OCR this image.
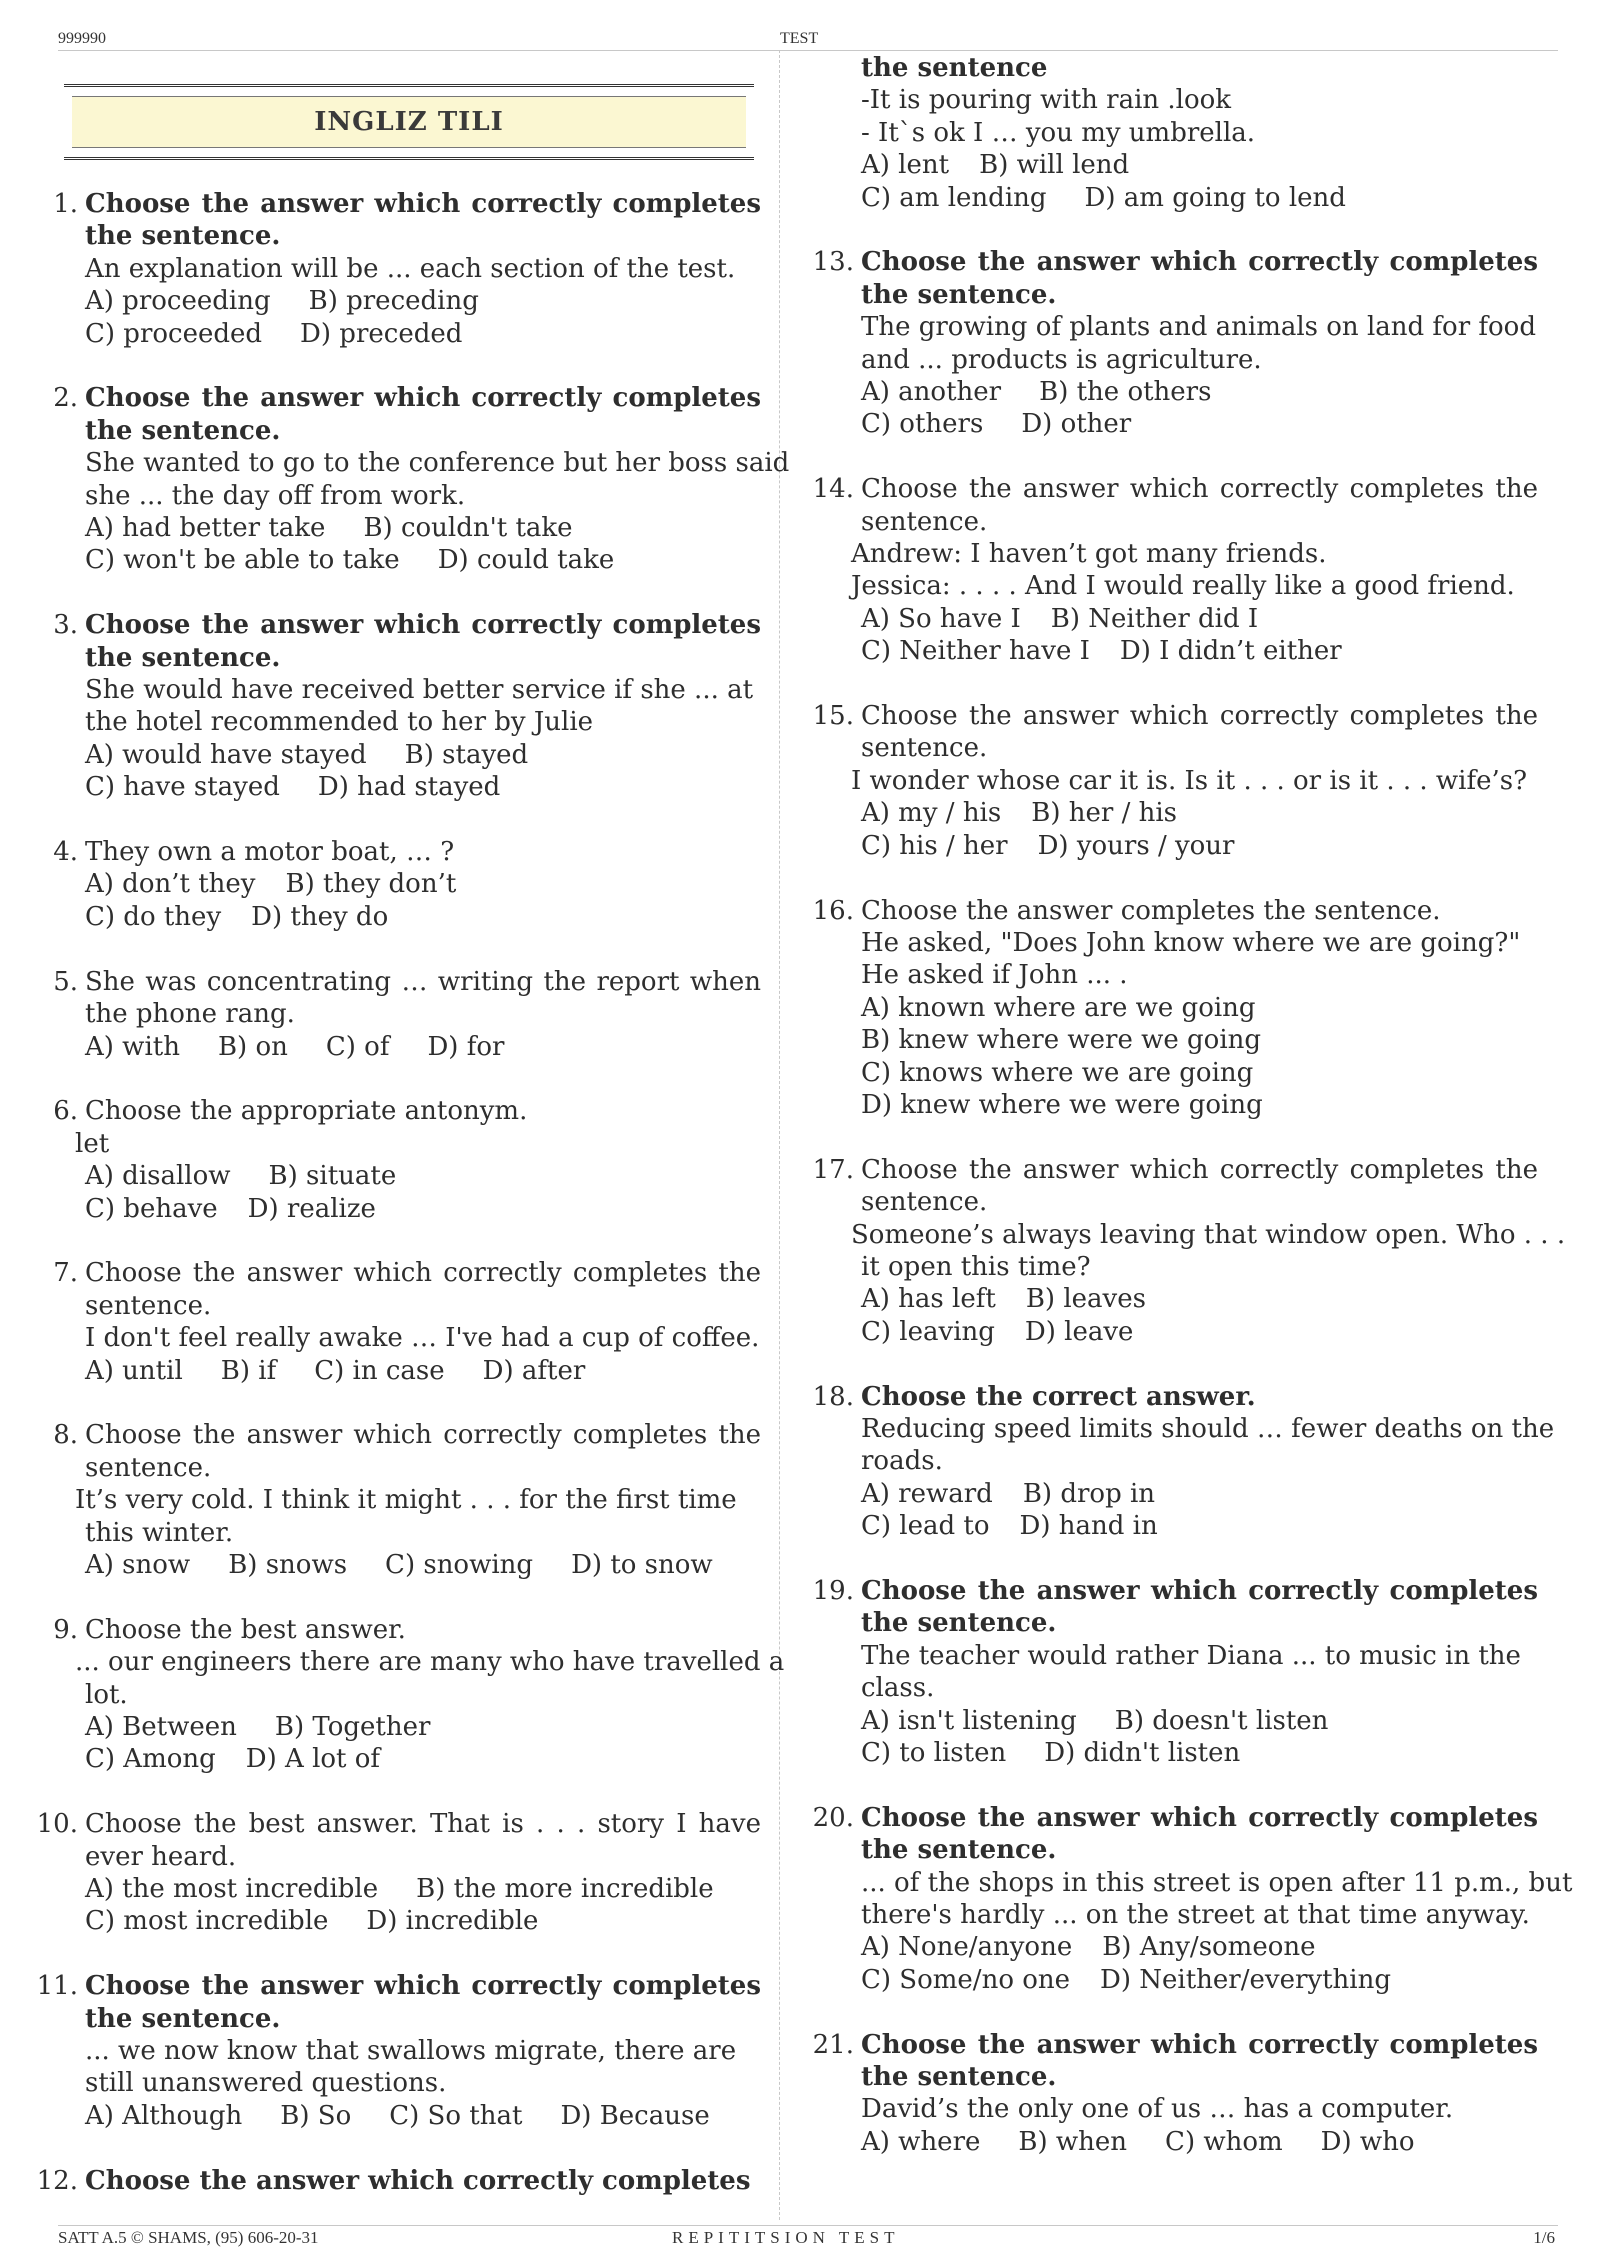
999990	TEST
INGLIZ TILI
1. Choose the answer which correctly completes the sentence.
An explanation will be ... each section of the test.
A) proceeding B) preceding
C) proceeded D) preceded
2. Choose the answer which correctly completes the sentence.
She wanted to go to the conference but her boss said
she ... the day off from work.
A) had better take B) couldn't take
C) won't be able to take D) could take
3. Choose the answer which correctly completes the sentence.
She would have received better service if she ... at
the hotel recommended to her by Julie
A) would have stayed B) stayed
C) have stayed D) had stayed
4. They own a motor boat, … ?
A) don’t they B) they don’t
C) do they D) they do
5. She was concentrating … writing the report when the phone rang.
A) with B) on C) of D) for
6. Choose the appropriate antonym.
let
A) disallow B) situate
C) behave D) realize
7. Choose the answer which correctly completes the sentence.
I don't feel really awake … I've had a cup of coffee.
A) until B) if C) in case D) after
8. Choose the answer which correctly completes the sentence.
It’s very cold. I think it might . . . for the first time
this winter.
A) snow B) snows C) snowing D) to snow
9. Choose the best answer.
... our engineers there are many who have travelled a
lot.
A) Between B) Together
C) Among D) A lot of
10. Choose the best answer. That is . . . story I have ever heard.
A) the most incredible B) the more incredible
C) most incredible D) incredible
11. Choose the answer which correctly completes the sentence.
... we now know that swallows migrate, there are
still unanswered questions.
A) Although B) So C) So that D) Because
12. Choose the answer which correctly completes
the sentence
-It is pouring with rain .look
- It`s ok I … you my umbrella.
A) lent B) will lend
C) am lending D) am going to lend
13. Choose the answer which correctly completes the sentence.
The growing of plants and animals on land for food
and ... products is agriculture.
A) another B) the others
C) others D) other
14. Choose the answer which correctly completes the sentence.
Andrew: I haven’t got many friends.
Jessica: . . . . And I would really like a good friend.
A) So have I B) Neither did I
C) Neither have I D) I didn’t either
15. Choose the answer which correctly completes the sentence.
I wonder whose car it is. Is it . . . or is it . . . wife’s?
A) my / his B) her / his
C) his / her D) yours / your
16. Choose the answer completes the sentence.
He asked, "Does John know where we are going?"
He asked if John ... .
A) known where are we going
B) knew where were we going
C) knows where we are going
D) knew where we were going
17. Choose the answer which correctly completes the sentence.
Someone’s always leaving that window open. Who . . .
it open this time?
A) has left B) leaves
C) leaving D) leave
18. Choose the correct answer.
Reducing speed limits should … fewer deaths on the
roads.
A) reward B) drop in
C) lead to D) hand in
19. Choose the answer which correctly completes the sentence.
The teacher would rather Diana ... to music in the
class.
A) isn't listening B) doesn't listen
C) to listen D) didn't listen
20. Choose the answer which correctly completes the sentence.
... of the shops in this street is open after 11 p.m., but
there's hardly ... on the street at that time anyway.
A) None/anyone B) Any/someone
C) Some/no one D) Neither/everything
21. Choose the answer which correctly completes the sentence.
David’s the only one of us … has a computer.
A) where B) when C) whom D) who
SATT A.5 © SHAMS, (95) 606-20-31	REPITITSION TEST	1/6
